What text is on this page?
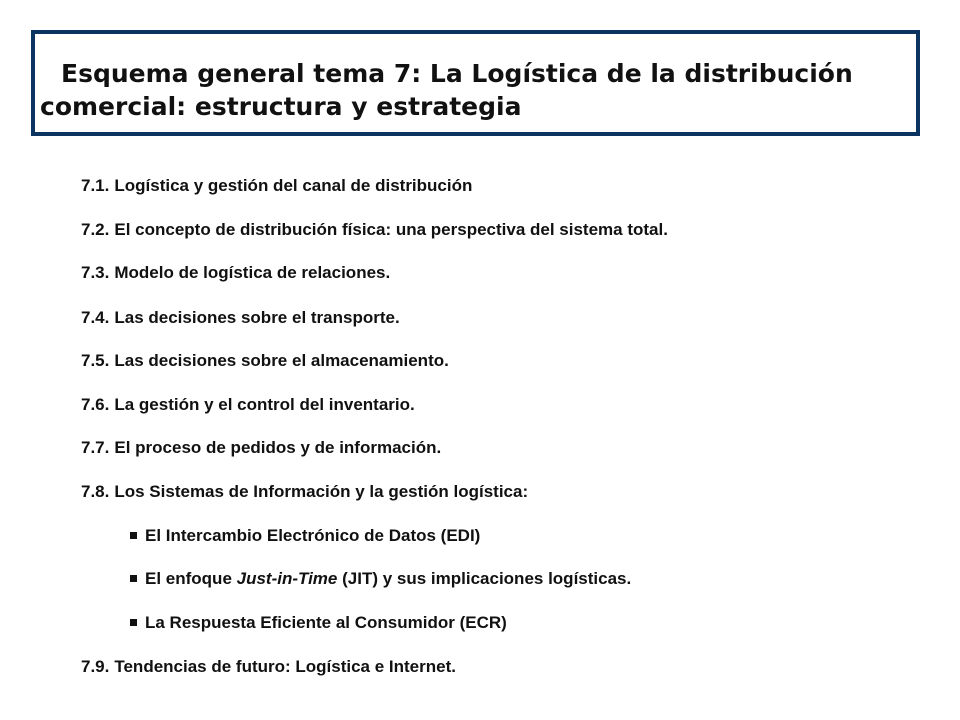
Esquema general tema 7: La Logística de la distribución
comercial: estructura y estrategia
7.1. Logística y gestión del canal de distribución
7.2. El concepto de distribución física: una perspectiva del sistema total.
7.3. Modelo de logística de relaciones.
7.4. Las decisiones sobre el transporte.
7.5. Las decisiones sobre el almacenamiento.
7.6. La gestión y el control del inventario.
7.7. El proceso de pedidos y de información.
7.8. Los Sistemas de Información y la gestión logística:
El Intercambio Electrónico de Datos (EDI)
El enfoque Just-in-Time (JIT) y sus implicaciones logísticas.
La Respuesta Eficiente al Consumidor (ECR)
7.9. Tendencias de futuro: Logística e Internet.
